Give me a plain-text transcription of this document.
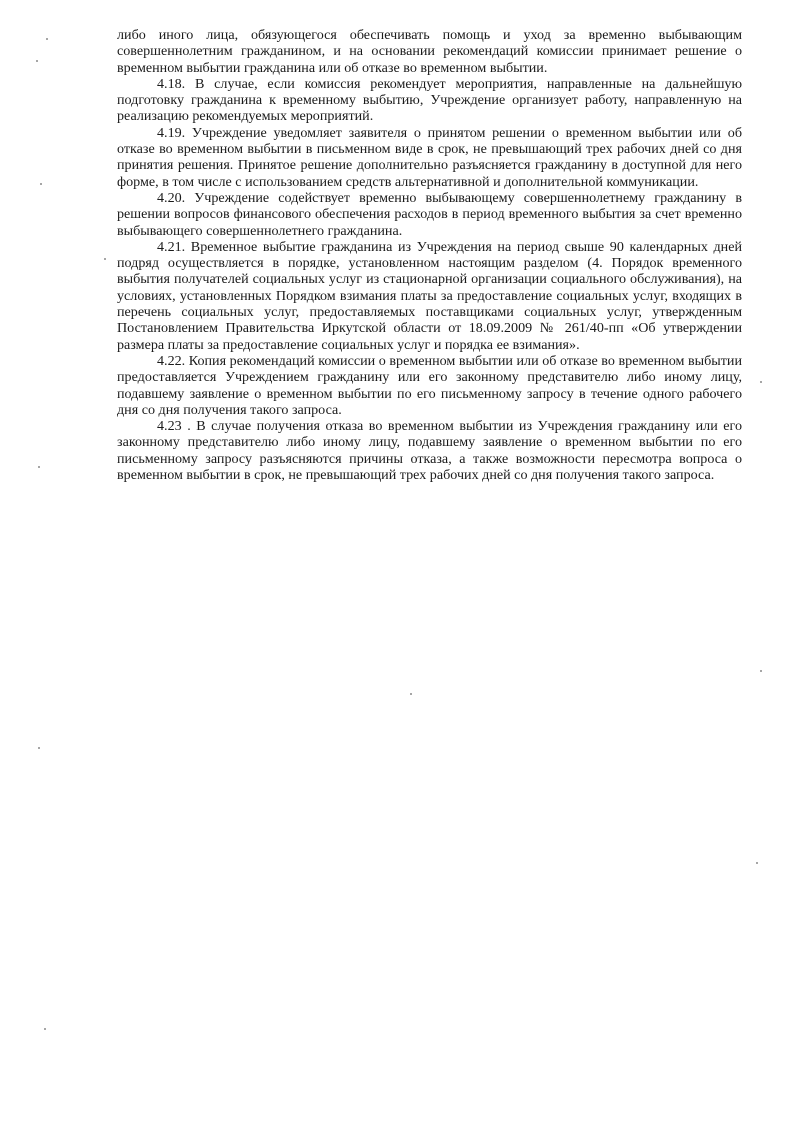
либо иного лица, обязующегося обеспечивать помощь и уход за временно выбывающим совершеннолетним гражданином, и на основании рекомендаций комиссии принимает решение о временном выбытии гражданина или об отказе во временном выбытии.

4.18. В случае, если комиссия рекомендует мероприятия, направленные на дальнейшую подготовку гражданина к временному выбытию, Учреждение организует работу, направленную на реализацию рекомендуемых мероприятий.

4.19. Учреждение уведомляет заявителя о принятом решении о временном выбытии или об отказе во временном выбытии в письменном виде в срок, не превышающий трех рабочих дней со дня принятия решения. Принятое решение дополнительно разъясняется гражданину в доступной для него форме, в том числе с использованием средств альтернативной и дополнительной коммуникации.

4.20. Учреждение содействует временно выбывающему совершеннолетнему гражданину в решении вопросов финансового обеспечения расходов в период временного выбытия за счет временно выбывающего совершеннолетнего гражданина.

4.21. Временное выбытие гражданина из Учреждения на период свыше 90 календарных дней подряд осуществляется в порядке, установленном настоящим разделом (4. Порядок временного выбытия получателей социальных услуг из стационарной организации социального обслуживания), на условиях, установленных Порядком взимания платы за предоставление социальных услуг, входящих в перечень социальных услуг, предоставляемых поставщиками социальных услуг, утвержденным Постановлением Правительства Иркутской области от 18.09.2009 № 261/40-пп «Об утверждении размера платы за предоставление социальных услуг и порядка ее взимания».

4.22. Копия рекомендаций комиссии о временном выбытии или об отказе во временном выбытии предоставляется Учреждением гражданину или его законному представителю либо иному лицу, подавшему заявление о временном выбытии по его письменному запросу в течение одного рабочего дня со дня получения такого запроса.

4.23 . В случае получения отказа во временном выбытии из Учреждения гражданину или его законному представителю либо иному лицу, подавшему заявление о временном выбытии по его письменному запросу разъясняются причины отказа, а также возможности пересмотра вопроса о временном выбытии в срок, не превышающий трех рабочих дней со дня получения такого запроса.
